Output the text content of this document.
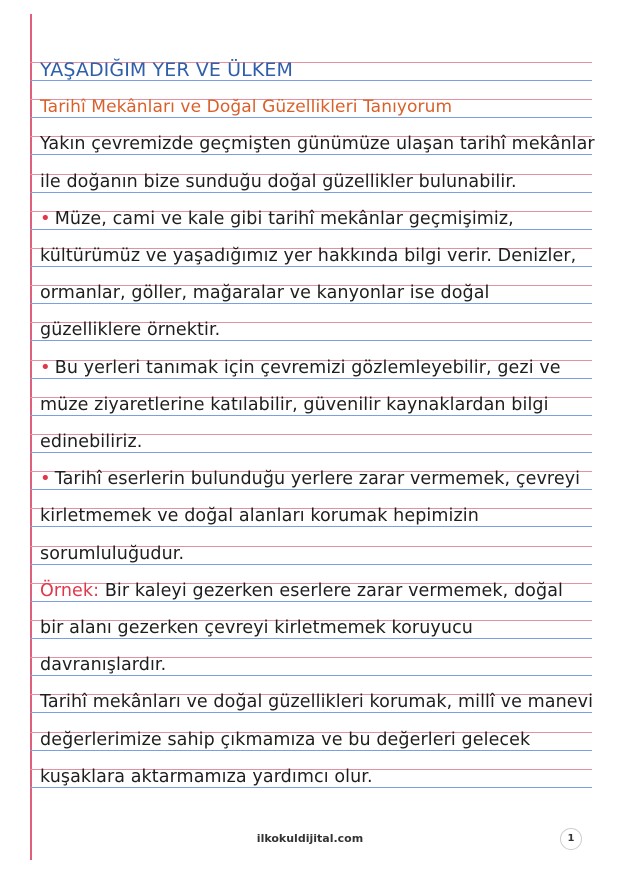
YAŞADIĞIM YER VE ÜLKEM
Tarihî Mekânları ve Doğal Güzellikleri Tanıyorum
Yakın çevremizde geçmişten günümüze ulaşan tarihî mekânlar
ile doğanın bize sunduğu doğal güzellikler bulunabilir.
• Müze, cami ve kale gibi tarihî mekânlar geçmişimiz,
kültürümüz ve yaşadığımız yer hakkında bilgi verir. Denizler,
ormanlar, göller, mağaralar ve kanyonlar ise doğal
güzelliklere örnektir.
• Bu yerleri tanımak için çevremizi gözlemleyebilir, gezi ve
müze ziyaretlerine katılabilir, güvenilir kaynaklardan bilgi
edinebiliriz.
• Tarihî eserlerin bulunduğu yerlere zarar vermemek, çevreyi
kirletmemek ve doğal alanları korumak hepimizin
sorumluluğudur.
Örnek: Bir kaleyi gezerken eserlere zarar vermemek, doğal
bir alanı gezerken çevreyi kirletmemek koruyucu
davranışlardır.
Tarihî mekânları ve doğal güzellikleri korumak, millî ve manevi
değerlerimize sahip çıkmamıza ve bu değerleri gelecek
kuşaklara aktarmamıza yardımcı olur.
ilkokuldijital.com	1
